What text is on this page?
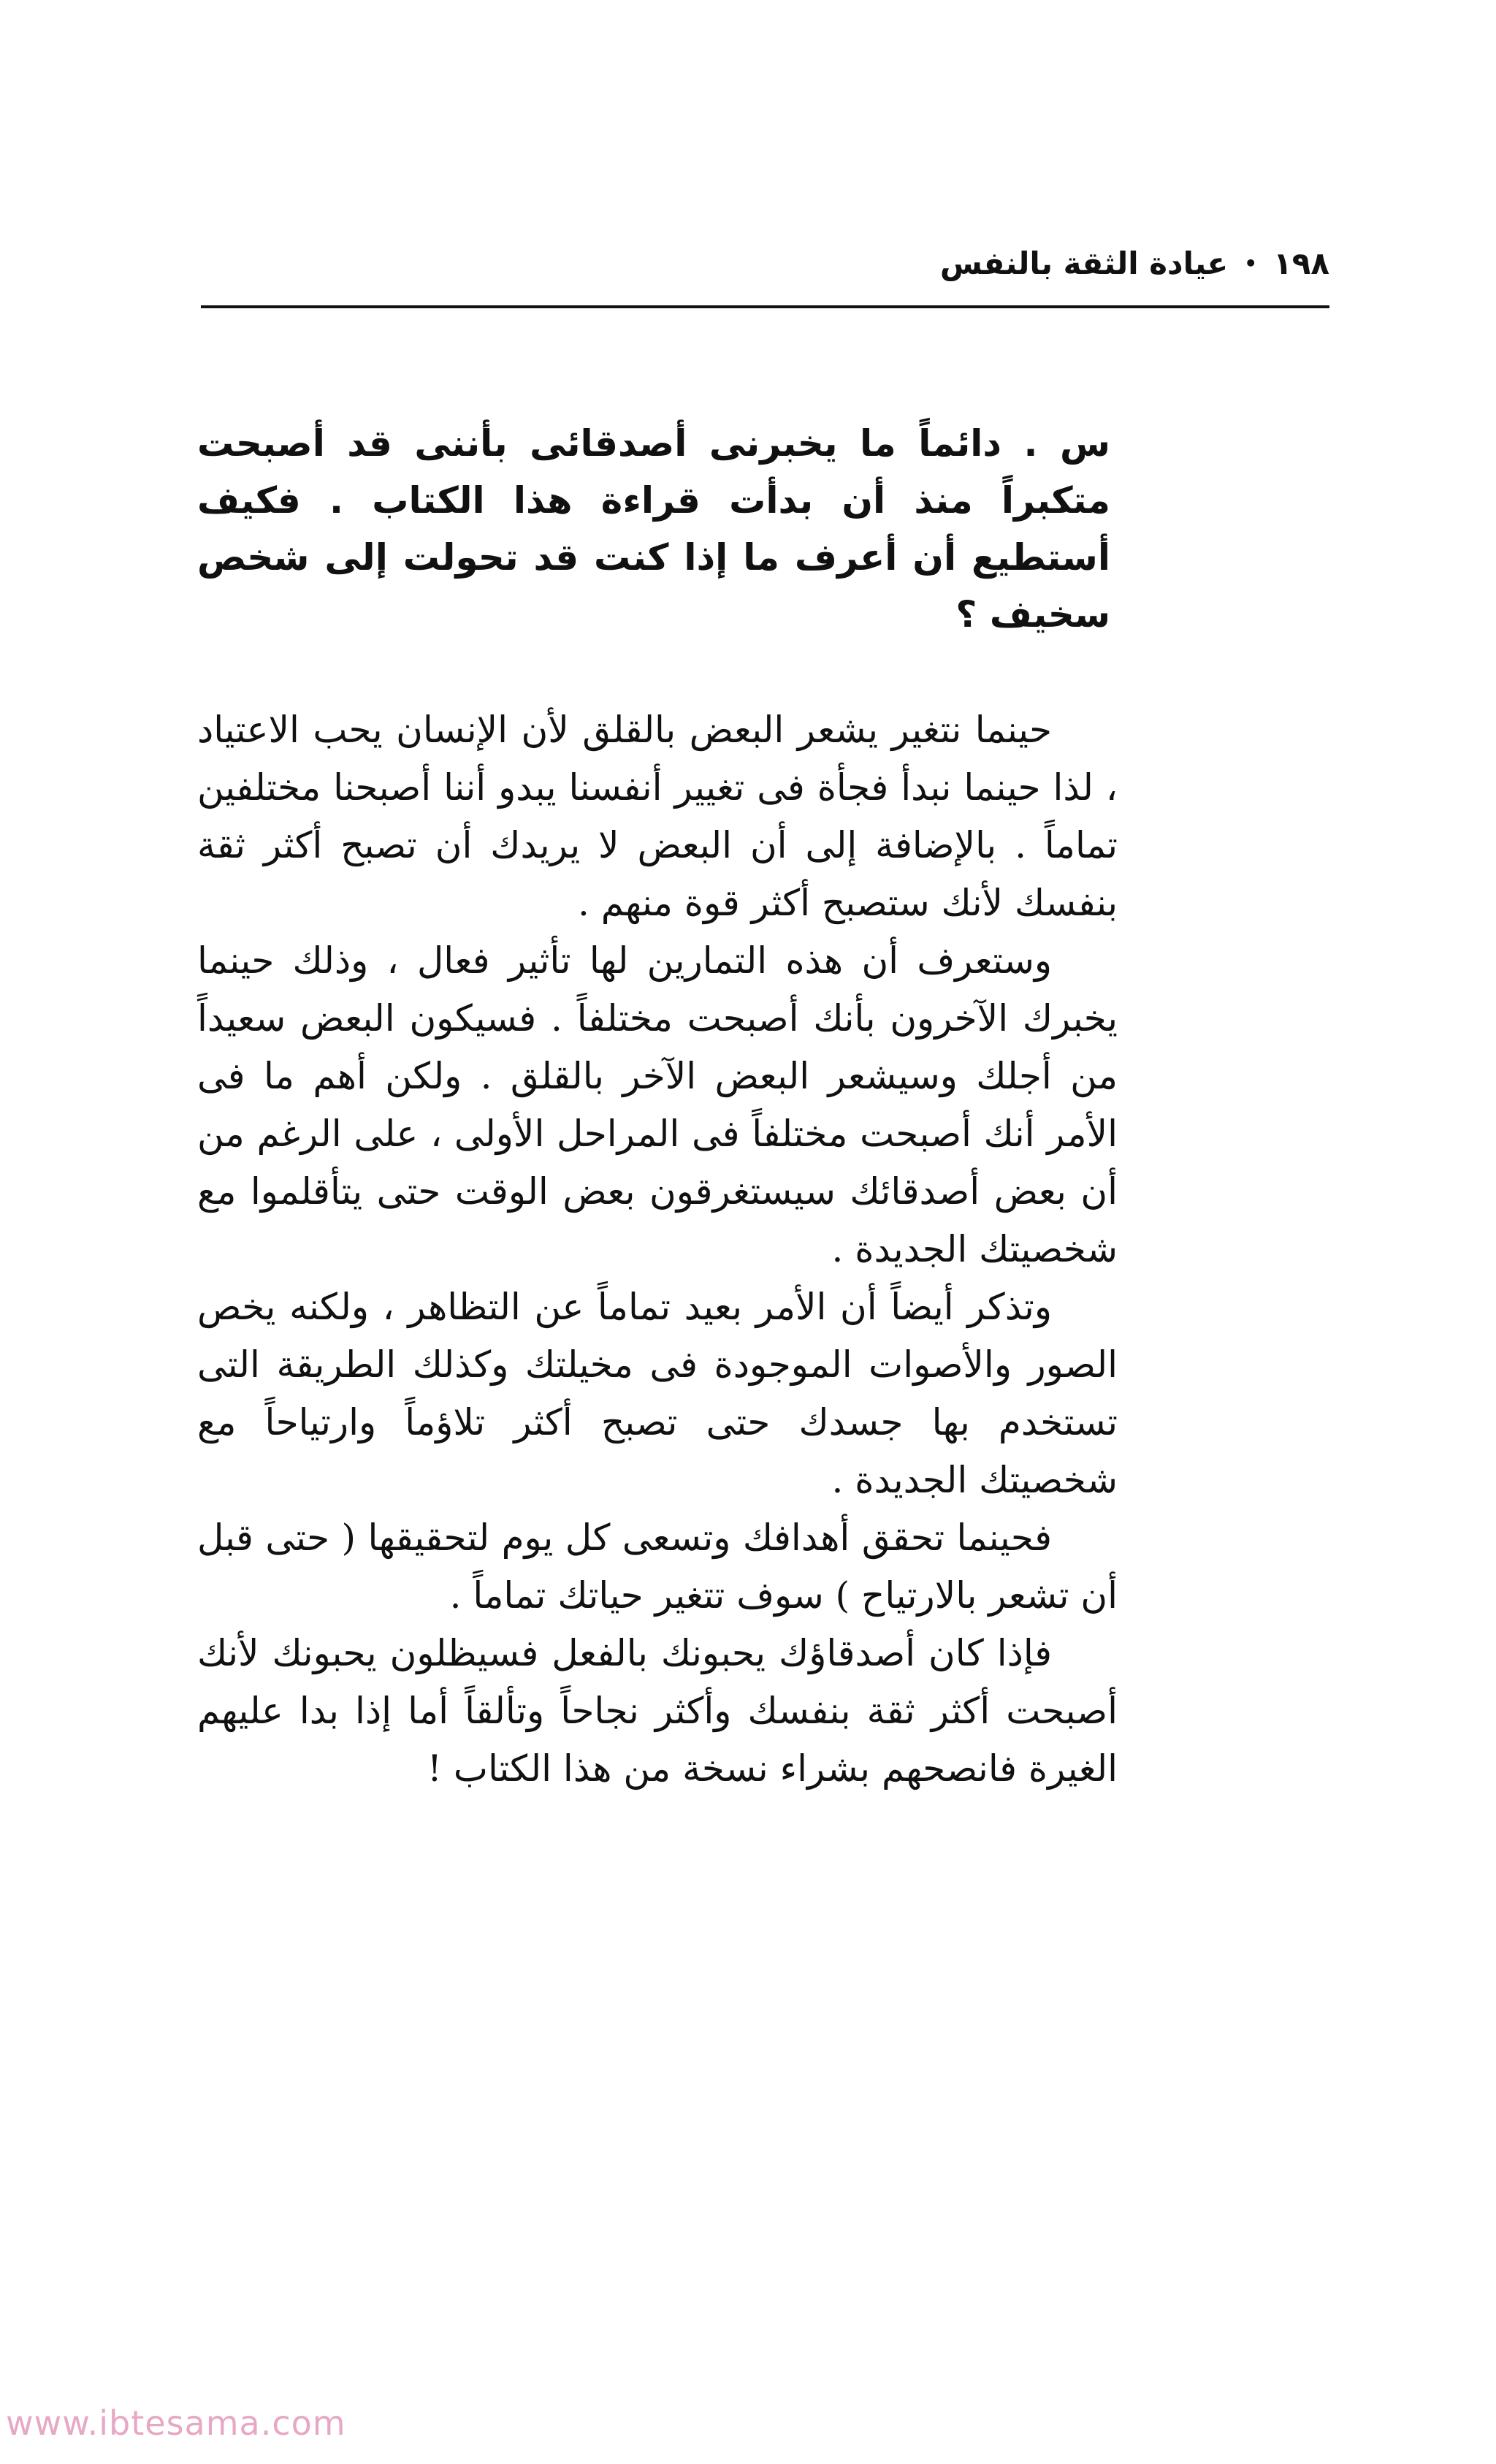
١٩٨
•
عيادة الثقة بالنفس
س . دائماً ما يخبرنى أصدقائى بأننى قد أصبحت متكبراً منذ أن بدأت قراءة هذا الكتاب . فكيف أستطيع أن أعرف ما إذا كنت قد تحولت إلى شخص سخيف ؟

حينما نتغير يشعر البعض بالقلق لأن الإنسان يحب الاعتياد ، لذا حينما نبدأ فجأة فى تغيير أنفسنا يبدو أننا أصبحنا مختلفين تماماً . بالإضافة إلى أن البعض لا يريدك أن تصبح أكثر ثقة بنفسك لأنك ستصبح أكثر قوة منهم .

وستعرف أن هذه التمارين لها تأثير فعال ، وذلك حينما يخبرك الآخرون بأنك أصبحت مختلفاً . فسيكون البعض سعيداً من أجلك وسيشعر البعض الآخر بالقلق . ولكن أهم ما فى الأمر أنك أصبحت مختلفاً فى المراحل الأولى ، على الرغم من أن بعض أصدقائك سيستغرقون بعض الوقت حتى يتأقلموا مع شخصيتك الجديدة .

وتذكر أيضاً أن الأمر بعيد تماماً عن التظاهر ، ولكنه يخص الصور والأصوات الموجودة فى مخيلتك وكذلك الطريقة التى تستخدم بها جسدك حتى تصبح أكثر تلاؤماً وارتياحاً مع شخصيتك الجديدة .

فحينما تحقق أهدافك وتسعى كل يوم لتحقيقها ( حتى قبل أن تشعر بالارتياح ) سوف تتغير حياتك تماماً .

فإذا كان أصدقاؤك يحبونك بالفعل فسيظلون يحبونك لأنك أصبحت أكثر ثقة بنفسك وأكثر نجاحاً وتألقاً أما إذا بدا عليهم الغيرة فانصحهم بشراء نسخة من هذا الكتاب !

www.ibtesama.com
